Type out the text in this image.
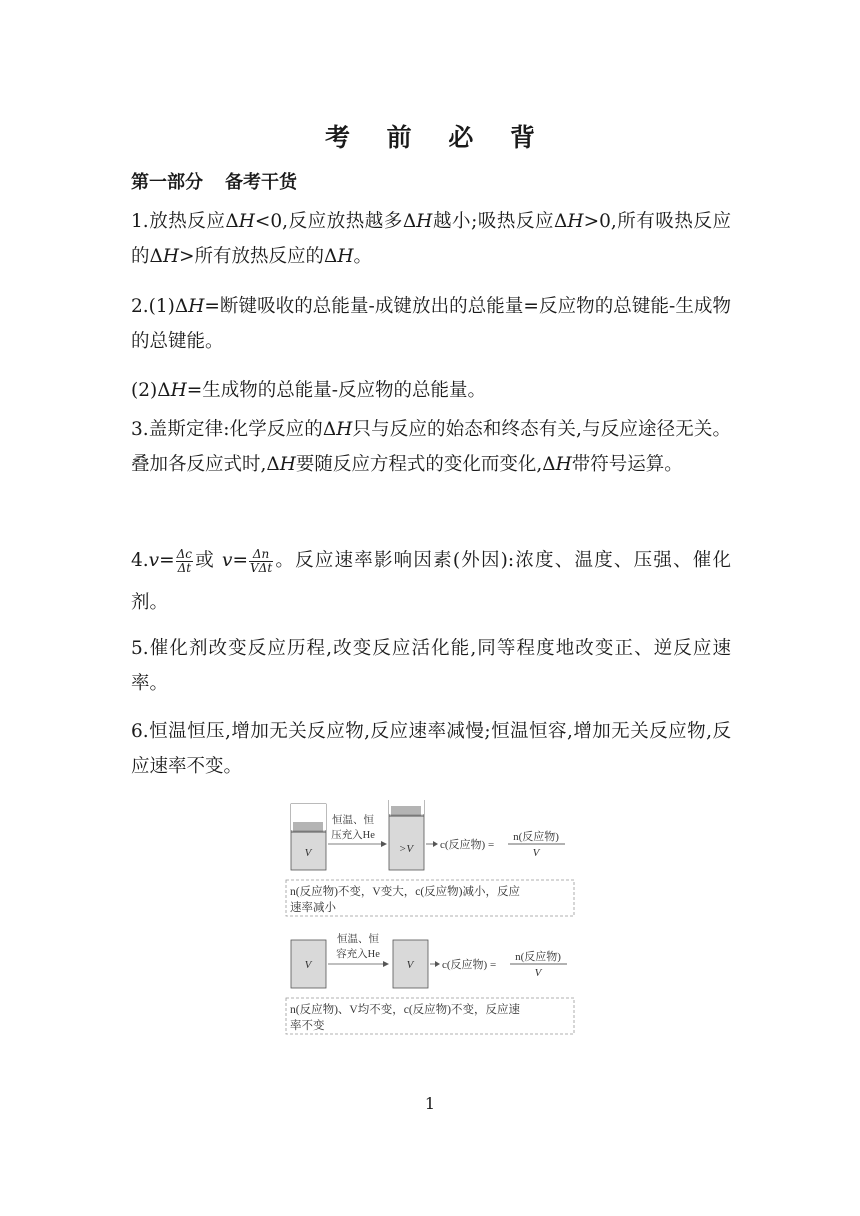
考 前 必 背
第一部分 备考干货
1.放热反应ΔH<0,反应放热越多ΔH越小;吸热反应ΔH>0,所有吸热反应的ΔH>所有放热反应的ΔH。
2.(1)ΔH=断键吸收的总能量-成键放出的总能量=反应物的总键能-生成物的总键能。
(2)ΔH=生成物的总能量-反应物的总能量。
3.盖斯定律:化学反应的ΔH只与反应的始态和终态有关,与反应途径无关。叠加各反应式时,ΔH要随反应方程式的变化而变化,ΔH带符号运算。
$4.v= \frac{\Delta c}{\Delta t}$ 或 $v= \frac{\Delta n}{\text{VΔt}}$ 。反应速率影响因素(外因):浓度、温度、压强、催化剂。
5.催化剂改变反应历程,改变反应活化能,同等程度地改变正、逆反应速率。
6.恒温恒压,增加无关反应物,反应速率减慢;恒温恒容,增加无关反应物,反应速率不变。
V
恒温、恒
压充入He
>V c(反应物) =
n(反应物)
V
n(反应物)不变，V变大，c(反应物)减小，反应
速率减小
V
恒温、恒
容充入He
V	c(反应物) =
n(反应物)
V
n(反应物)、V均不变，c(反应物)不变，反应速
率不变
1
